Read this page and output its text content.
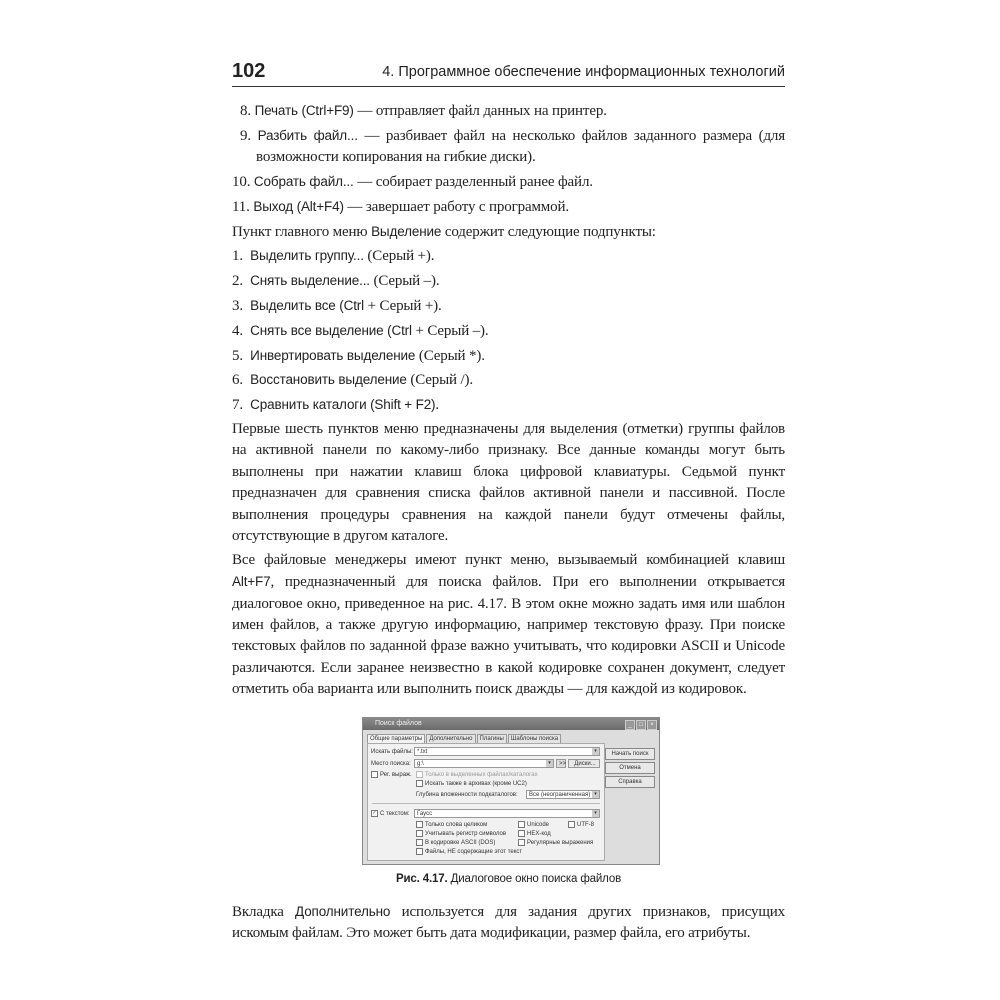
102	4. Программное обеспечение информационных технологий
8. Печать (Ctrl+F9) — отправляет файл данных на принтер.
9. Разбить файл... — разбивает файл на несколько файлов заданного размера (для возможности копирования на гибкие диски).
10. Собрать файл... — собирает разделенный ранее файл.
11. Выход (Alt+F4) — завершает работу с программой.
Пункт главного меню Выделение содержит следующие подпункты:
1. Выделить группу... (Серый +).
2. Снять выделение... (Серый –).
3. Выделить все (Ctrl + Серый +).
4. Снять все выделение (Ctrl + Серый –).
5. Инвертировать выделение (Серый *).
6. Восстановить выделение (Серый /).
7. Сравнить каталоги (Shift + F2).
Первые шесть пунктов меню предназначены для выделения (отметки) группы файлов на активной панели по какому-либо признаку. Все данные команды могут быть выполнены при нажатии клавиш блока цифровой клавиатуры. Седьмой пункт предназначен для сравнения списка файлов активной панели и пассивной. После выполнения процедуры сравнения на каждой панели будут отмечены файлы, отсутствующие в другом каталоге.
Все файловые менеджеры имеют пункт меню, вызываемый комбинацией клавиш Alt+F7, предназначенный для поиска файлов. При его выполнении открывается диалоговое окно, приведенное на рис. 4.17. В этом окне можно задать имя или шаблон имен файлов, а также другую информацию, например текстовую фразу. При поиске текстовых файлов по заданной фразе важно учитывать, что кодировки ASCII и Unicode различаются. Если заранее неизвестно в какой кодировке сохранен документ, следует отметить оба варианта или выполнить поиск дважды — для каждой из кодировок.
Поиск файлов	_	□	×
Общие параметры	Дополнительно	Плагины	Шаблоны поиска
Искать файлы: *.txt	▾
Место поиска:	g:\	▾	>>	Диски...
Рег. выраж.	Только в выделенных файлах/каталогах
Искать также в архивах (кроме UC2)
Глубина вложенности подкаталогов:	Все (неограниченная) ▾
✓ С текстом:	Гаусс	▾
Только слова целиком
Учитывать регистр символов
В кодировке ASCII (DOS)
Файлы, НЕ содержащие этот текст
Unicode
HEX-код
Регулярные выражения
UTF-8
Начать поиск
Отмена
Справка
Рис. 4.17. Диалоговое окно поиска файлов
Вкладка Дополнительно используется для задания других признаков, присущих искомым файлам. Это может быть дата модификации, размер файла, его атрибуты.
